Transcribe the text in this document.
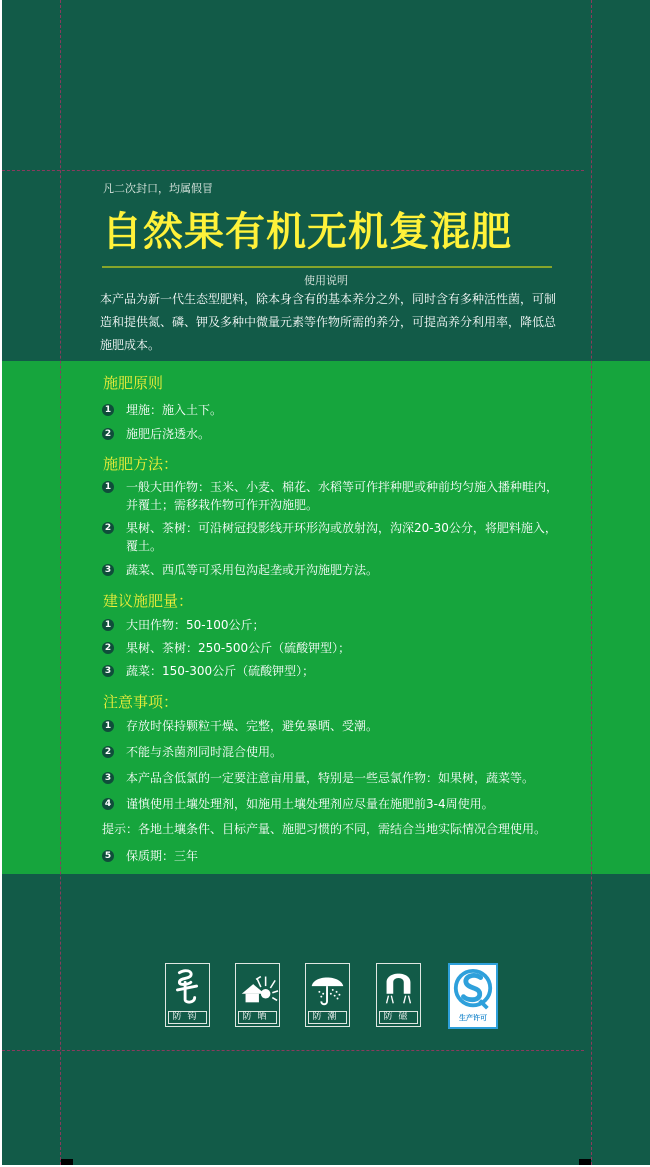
凡二次封口，均属假冒
自然果有机无机复混肥
使用说明
本产品为新一代生态型肥料，除本身含有的基本养分之外，同时含有多种活性菌，可制造和提供氮、磷、钾及多种中微量元素等作物所需的养分，可提高养分利用率，降低总施肥成本。
施肥原则
1 埋施：施入土下。
2 施肥后浇透水。
施肥方法：
1 一般大田作物：玉米、小麦、棉花、水稻等可作拌种肥或种前均匀施入播种畦内，并覆土；需移栽作物可作开沟施肥。
2 果树、茶树：可沿树冠投影线开环形沟或放射沟，沟深20-30公分，将肥料施入，覆土。
3 蔬菜、西瓜等可采用包沟起垄或开沟施肥方法。
建议施肥量：
1 大田作物：50-100公斤；
2 果树、茶树：250-500公斤（硫酸钾型）；
3 蔬菜：150-300公斤（硫酸钾型）；
注意事项：
1 存放时保持颗粒干燥、完整，避免暴晒、受潮。
2 不能与杀菌剂同时混合使用。
3 本产品含低氯的一定要注意亩用量，特别是一些忌氯作物：如果树，蔬菜等。
4 谨慎使用土壤处理剂，如施用土壤处理剂应尽量在施肥前3-4周使用。
提示：各地土壤条件、目标产量、施肥习惯的不同，需结合当地实际情况合理使用。
5 保质期：三年
防钩	防晒	防潮	防磁	生产许可
